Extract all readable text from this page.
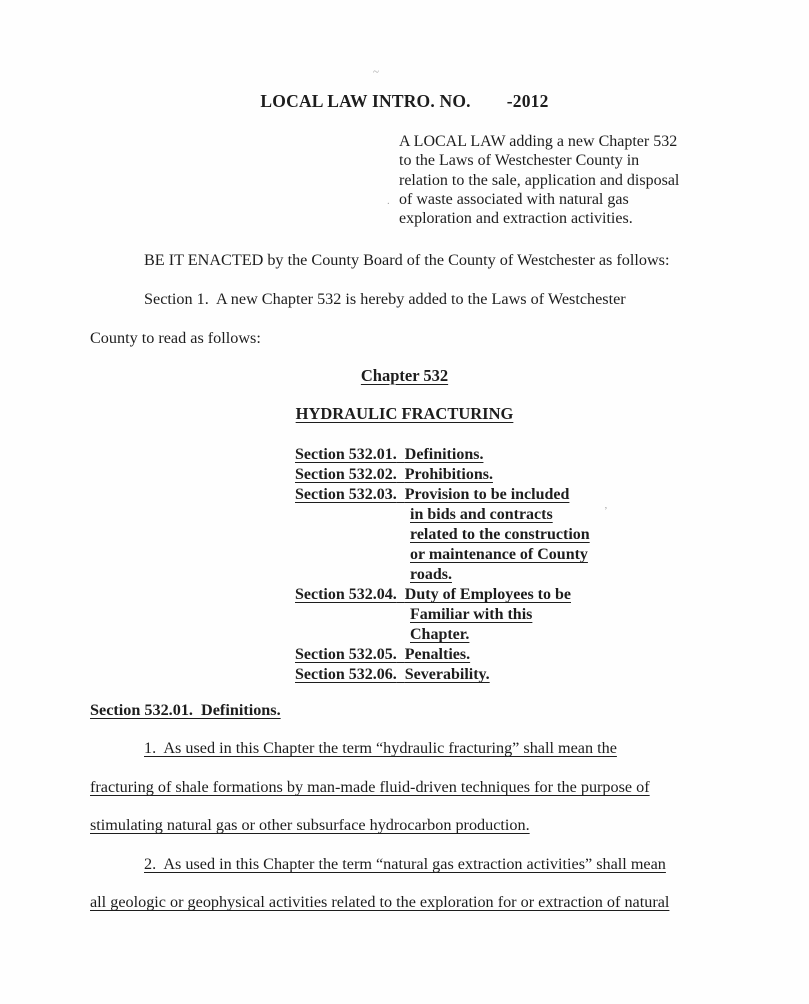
~
.
’
LOCAL LAW INTRO. NO. -2012
A LOCAL LAW adding a new Chapter 532
to the Laws of Westchester County in
relation to the sale, application and disposal
of waste associated with natural gas
exploration and extraction activities.
BE IT ENACTED by the County Board of the County of Westchester as follows:
Section 1.  A new Chapter 532 is hereby added to the Laws of Westchester
County to read as follows:
Chapter 532
HYDRAULIC FRACTURING
Section 532.01. Definitions.
Section 532.02. Prohibitions.
Section 532.03. Provision to be included
in bids and contracts
related to the construction
or maintenance of County
roads.
Section 532.04. Duty of Employees to be
Familiar with this
Chapter.
Section 532.05. Penalties.
Section 532.06. Severability.
Section 532.01.  Definitions.
1.  As used in this Chapter the term “hydraulic fracturing” shall mean the
fracturing of shale formations by man-made fluid-driven techniques for the purpose of
stimulating natural gas or other subsurface hydrocarbon production.
2.  As used in this Chapter the term “natural gas extraction activities” shall mean
all geologic or geophysical activities related to the exploration for or extraction of natural
